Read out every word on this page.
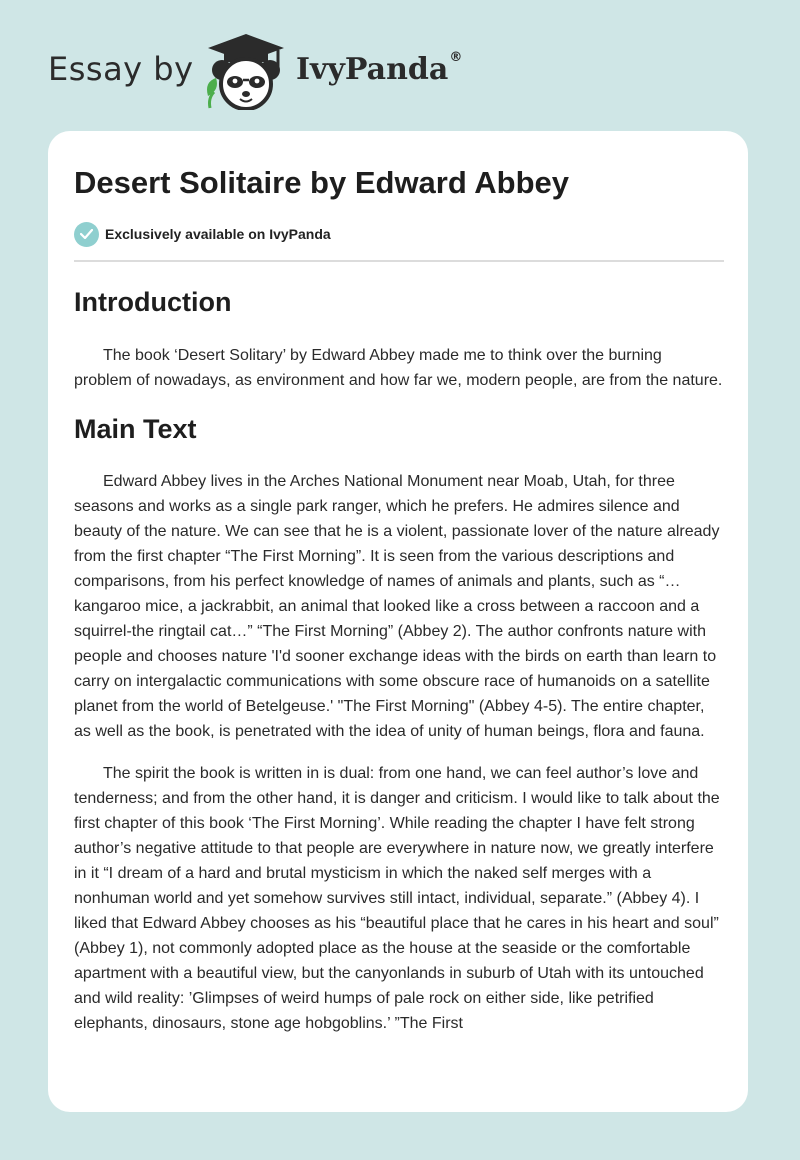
Essay by	IvyPanda®
Desert Solitaire by Edward Abbey
Exclusively available on IvyPanda
Introduction

The book ‘Desert Solitary’ by Edward Abbey made me to think over the burning problem of nowadays, as environment and how far we, modern people, are from the nature.

Main Text

Edward Abbey lives in the Arches National Monument near Moab, Utah, for three seasons and works as a single park ranger, which he prefers. He admires silence and beauty of the nature. We can see that he is a violent, passionate lover of the nature already from the first chapter “The First Morning”. It is seen from the various descriptions and comparisons, from his perfect knowledge of names of animals and plants, such as “…kangaroo mice, a jackrabbit, an animal that looked like a cross between a raccoon and a squirrel-the ringtail cat…” “The First Morning” (Abbey 2). The author confronts nature with people and chooses nature 'I'd sooner exchange ideas with the birds on earth than learn to carry on intergalactic communications with some obscure race of humanoids on a satellite planet from the world of Betelgeuse.' "The First Morning" (Abbey 4-5). The entire chapter, as well as the book, is penetrated with the idea of unity of human beings, flora and fauna.

The spirit the book is written in is dual: from one hand, we can feel author’s love and tenderness; and from the other hand, it is danger and criticism. I would like to talk about the first chapter of this book ‘The First Morning’. While reading the chapter I have felt strong author’s negative attitude to that people are everywhere in nature now, we greatly interfere in it “I dream of a hard and brutal mysticism in which the naked self merges with a nonhuman world and yet somehow survives still intact, individual, separate.” (Abbey 4). I liked that Edward Abbey chooses as his “beautiful place that he cares in his heart and soul” (Abbey 1), not commonly adopted place as the house at the seaside or the comfortable apartment with a beautiful view, but the canyonlands in suburb of Utah with its untouched and wild reality: ’Glimpses of weird humps of pale rock on either side, like petrified elephants, dinosaurs, stone age hobgoblins.’ ”The First
